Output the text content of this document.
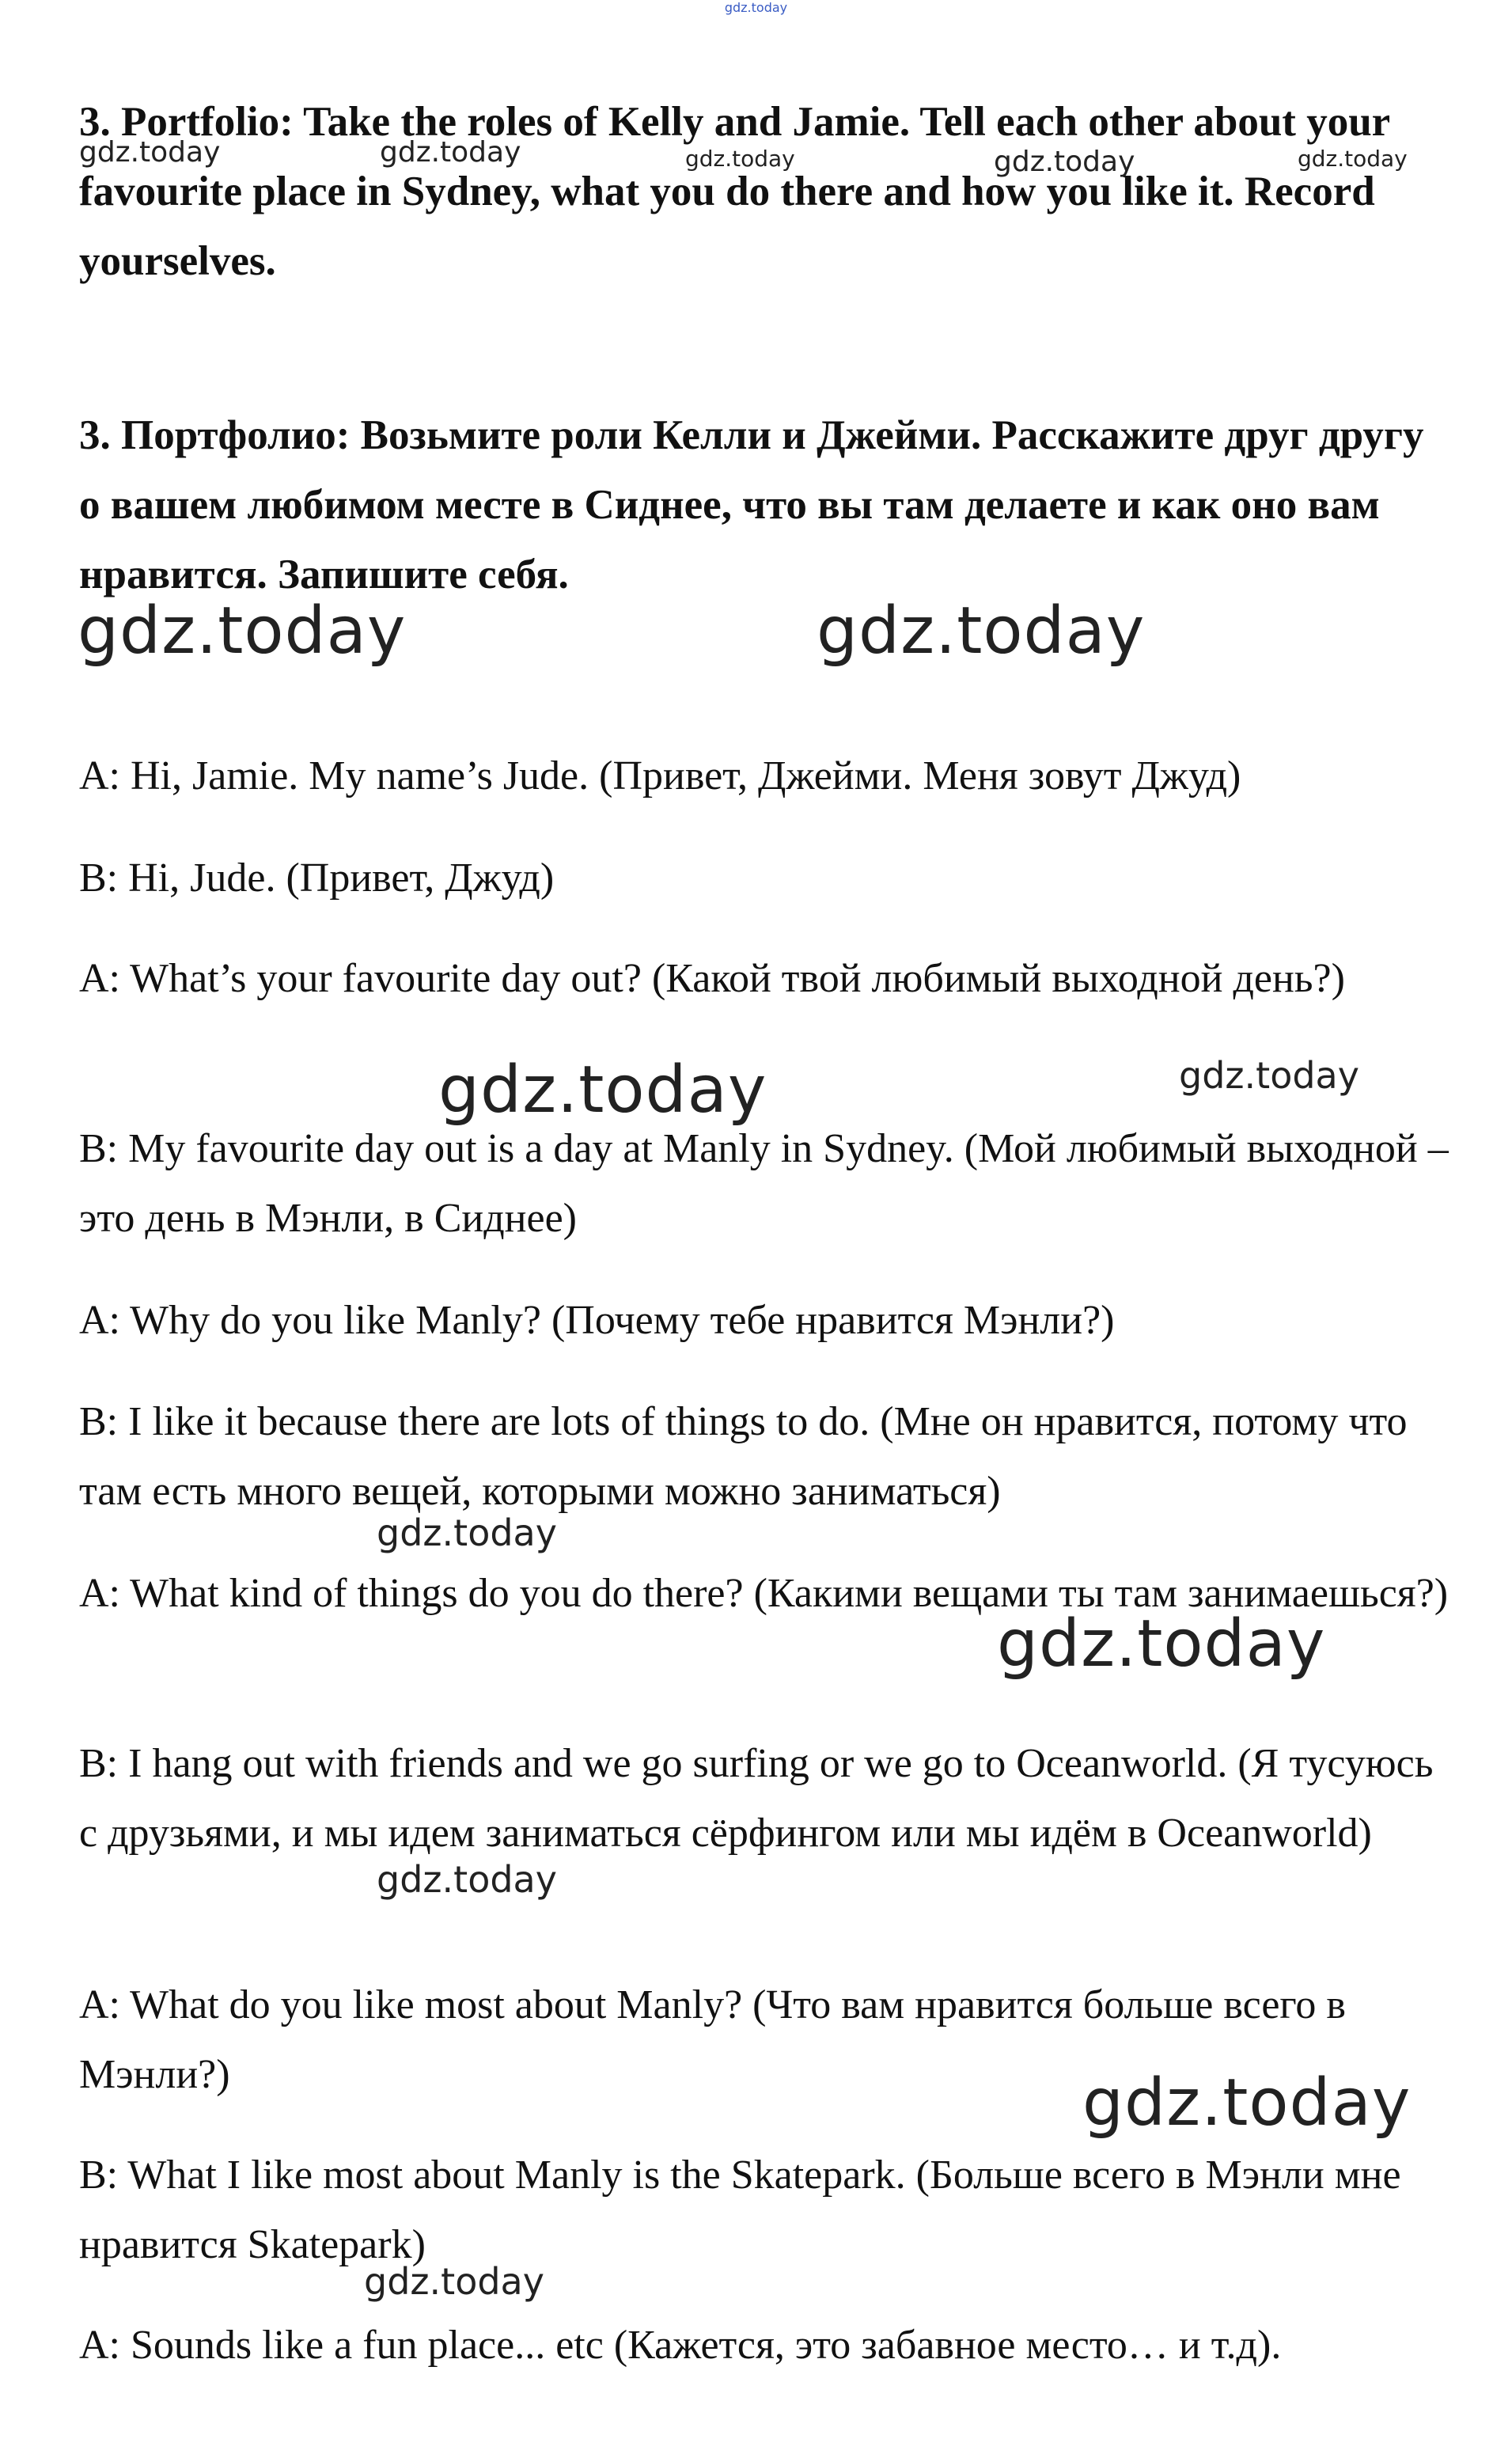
gdz.today

3. Portfolio: Take the roles of Kelly and Jamie. Tell each other about your favourite place in Sydney, what you do there and how you like it. Record yourselves.

3. Портфолио: Возьмите роли Келли и Джейми. Расскажите друг другу о вашем любимом месте в Сиднее, что вы там делаете и как оно вам нравится. Запишите себя.

A: Hi, Jamie. My name’s Jude. (Привет, Джейми. Меня зовут Джуд)

B: Hi, Jude. (Привет, Джуд)

A: What’s your favourite day out? (Какой твой любимый выходной день?)

B: My favourite day out is a day at Manly in Sydney. (Мой любимый выходной – это день в Мэнли, в Сиднее)

A: Why do you like Manly? (Почему тебе нравится Мэнли?)

B: I like it because there are lots of things to do. (Мне он нравится, потому что там есть много вещей, которыми можно заниматься)

A: What kind of things do you do there? (Какими вещами ты там занимаешься?)

B: I hang out with friends and we go surfing or we go to Oceanworld. (Я тусуюсь с друзьями, и мы идем заниматься сёрфингом или мы идём в Oceanworld)

A: What do you like most about Manly? (Что вам нравится больше всего в Мэнли?)

B: What I like most about Manly is the Skatepark. (Больше всего в Мэнли мне нравится Skatepark)

A: Sounds like a fun place... etc (Кажется, это забавное место… и т.д).

gdz.today	gdz.today	gdz.today	gdz.today	gdz.today
gdz.today	gdz.today
gdz.today	gdz.today
gdz.today
gdz.today
gdz.today
gdz.today
gdz.today
